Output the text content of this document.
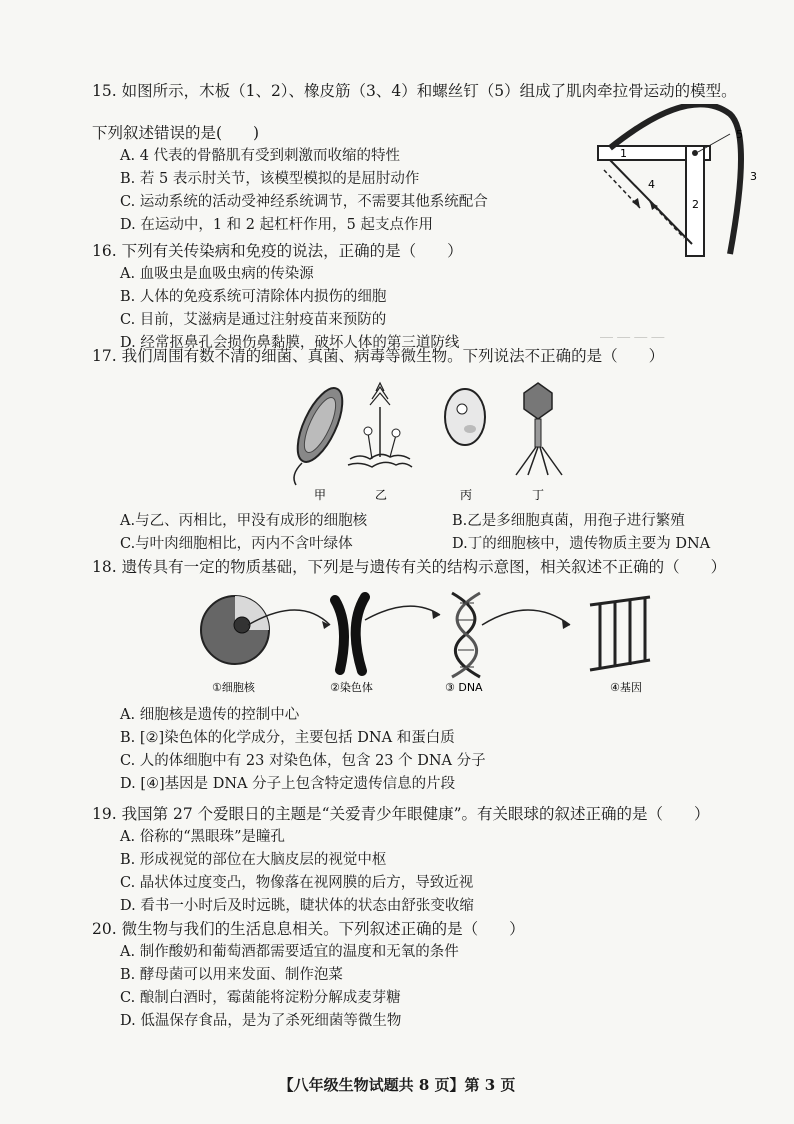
― ― ― ―
15. 如图所示，木板（1、2）、橡皮筋（3、4）和螺丝钉（5）组成了肌肉牵拉骨运动的模型。
下列叙述错误的是(　　)
A. 4 代表的骨骼肌有受到刺激而收缩的特性
B. 若 5 表示肘关节，该模型模拟的是屈肘动作
C. 运动系统的活动受神经系统调节，不需要其他系统配合
D. 在运动中，1 和 2 起杠杆作用，5 起支点作用
1
2
3
4
5
16. 下列有关传染病和免疫的说法，正确的是（　　）
A. 血吸虫是血吸虫病的传染源
B. 人体的免疫系统可清除体内损伤的细胞
C. 目前，艾滋病是通过注射疫苗来预防的
D. 经常抠鼻孔会损伤鼻黏膜，破坏人体的第三道防线
17. 我们周围有数不清的细菌、真菌、病毒等微生物。下列说法不正确的是（　　）
甲	乙	丙	丁
A.与乙、丙相比，甲没有成形的细胞核	B.乙是多细胞真菌，用孢子进行繁殖
C.与叶肉细胞相比，丙内不含叶绿体	D.丁的细胞核中，遗传物质主要为 DNA
18. 遗传具有一定的物质基础，下列是与遗传有关的结构示意图，相关叙述不正确的（　　）
①细胞核	②染色体	③ DNA	④基因
A. 细胞核是遗传的控制中心
B. [②]染色体的化学成分，主要包括 DNA 和蛋白质
C. 人的体细胞中有 23 对染色体，包含 23 个 DNA 分子
D. [④]基因是 DNA 分子上包含特定遗传信息的片段
19. 我国第 27 个爱眼日的主题是“关爱青少年眼健康”。有关眼球的叙述正确的是（　　）
A. 俗称的“黑眼珠”是瞳孔
B. 形成视觉的部位在大脑皮层的视觉中枢
C. 晶状体过度变凸，物像落在视网膜的后方，导致近视
D. 看书一小时后及时远眺，睫状体的状态由舒张变收缩
20. 微生物与我们的生活息息相关。下列叙述正确的是（　　）
A. 制作酸奶和葡萄酒都需要适宜的温度和无氧的条件
B. 酵母菌可以用来发面、制作泡菜
C. 酿制白酒时，霉菌能将淀粉分解成麦芽糖
D. 低温保存食品，是为了杀死细菌等微生物
【八年级生物试题共 8 页】第 3 页
